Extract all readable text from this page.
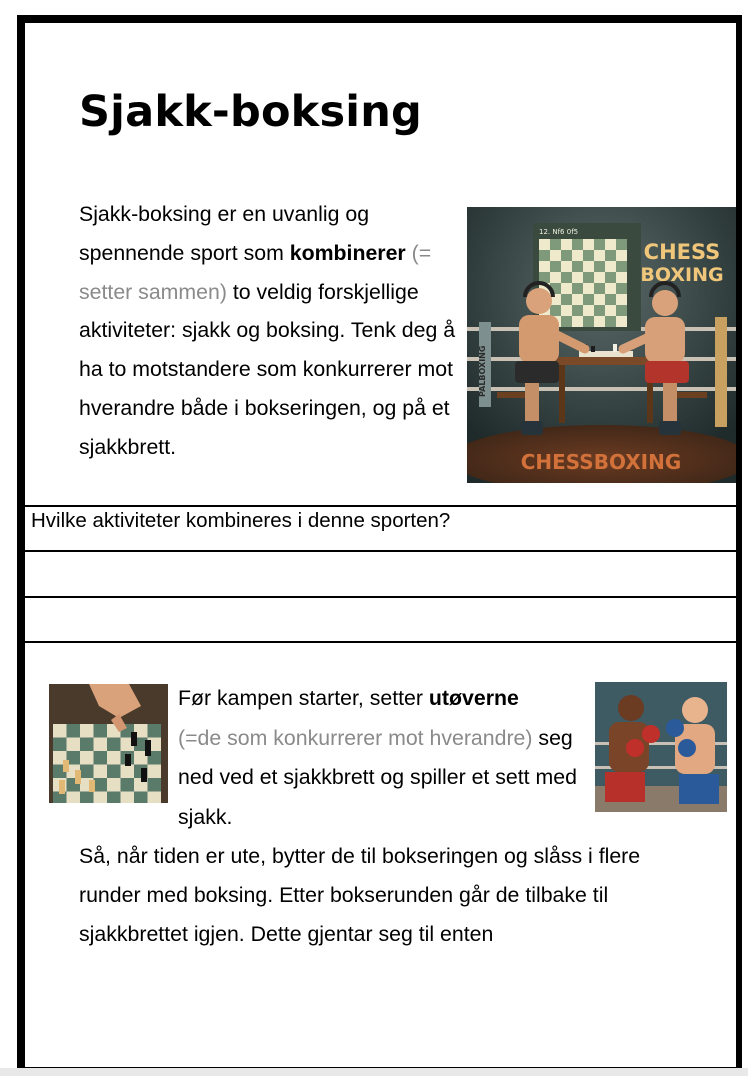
Sjakk-boksing
Sjakk-boksing er en uvanlig og spennende sport som kombinerer (= setter sammen) to veldig forskjellige aktiviteter: sjakk og boksing. Tenk deg å ha to motstandere som konkurrerer mot hverandre både i bokseringen, og på et sjakkbrett.
PALBOXING
CHESSBOXING
12. Nf6 0f5
CHESS
BOXING

Hvilke aktiviteter kombineres i denne sporten?

Før kampen starter, setter utøverne
(=de som konkurrerer mot hverandre) seg ned ved et sjakkbrett og spiller et sett med sjakk.
Så, når tiden er ute, bytter de til bokseringen og slåss i flere runder med boksing. Etter bokserunden går de tilbake til sjakkbrettet igjen. Dette gjentar seg til enten
